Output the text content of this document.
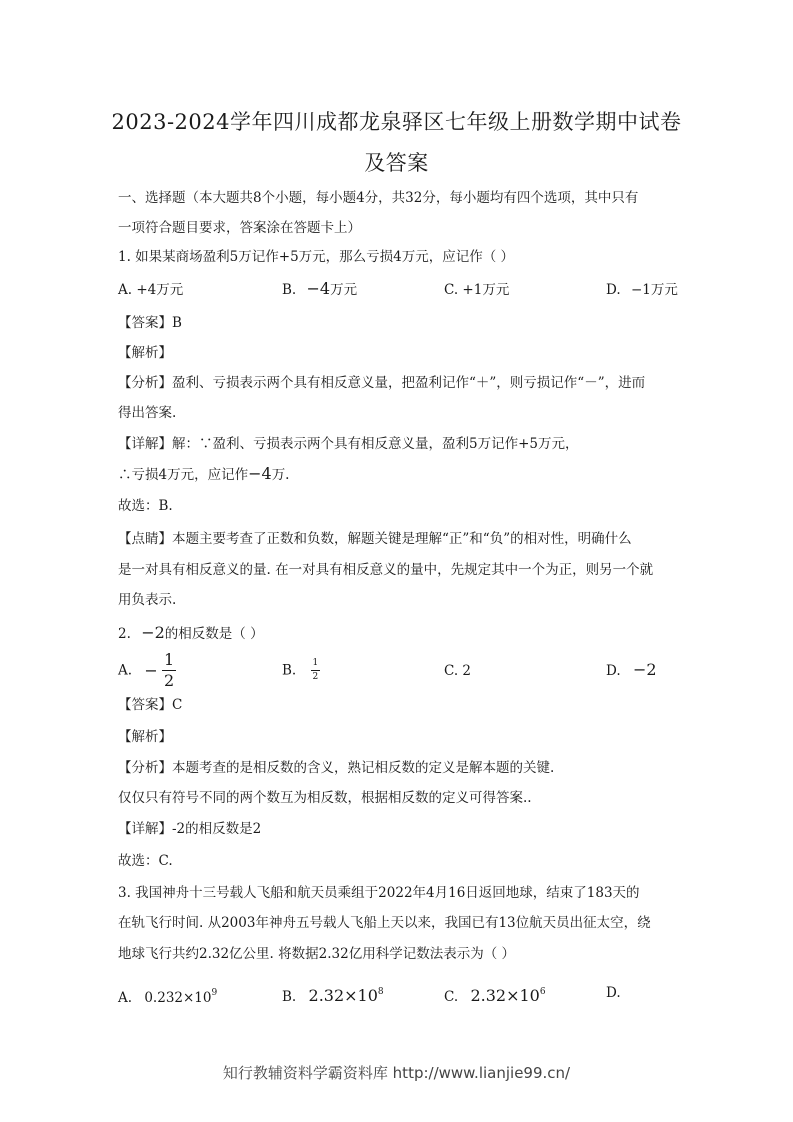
2023-2024学年四川成都龙泉驿区七年级上册数学期中试卷
及答案
一、选择题（本大题共8个小题，每小题4分，共32分，每小题均有四个选项，其中只有
一项符合题目要求，答案涂在答题卡上）
1. 如果某商场盈利5万记作+5万元，那么亏损4万元，应记作（ ）
A. +4万元	B. −4万元	C. +1万元	D. −1万元
【答案】B
【解析】
【分析】盈利、亏损表示两个具有相反意义量，把盈利记作“＋”，则亏损记作“－”，进而
得出答案.
【详解】解：∵盈利、亏损表示两个具有相反意义量，盈利5万记作+5万元，
∴亏损4万元，应记作−4万.
故选：B.
【点睛】本题主要考查了正数和负数，解题关键是理解“正”和“负”的相对性，明确什么
是一对具有相反意义的量. 在一对具有相反意义的量中，先规定其中一个为正，则另一个就
用负表示.
2. −2的相反数是（ ）
A. − $\frac{1}{2}$	B. $\frac{1}{2}$	C. 2	D. −2
【答案】C
【解析】
【分析】本题考查的是相反数的含义，熟记相反数的定义是解本题的关键.
仅仅只有符号不同的两个数互为相反数，根据相反数的定义可得答案..
【详解】-2的相反数是2
故选：C.
3. 我国神舟十三号载人飞船和航天员乘组于2022年4月16日返回地球，结束了183天的
在轨飞行时间. 从2003年神舟五号载人飞船上天以来，我国已有13位航天员出征太空，绕
地球飞行共约2.32亿公里. 将数据2.32亿用科学记数法表示为（ ）
A. $0.232\times 10^9$	B. $2.32\times 10^8$	C. $2.32\times 10^6$	D.
知行教辅资料学霸资料库 http://www.lianjie99.cn/
